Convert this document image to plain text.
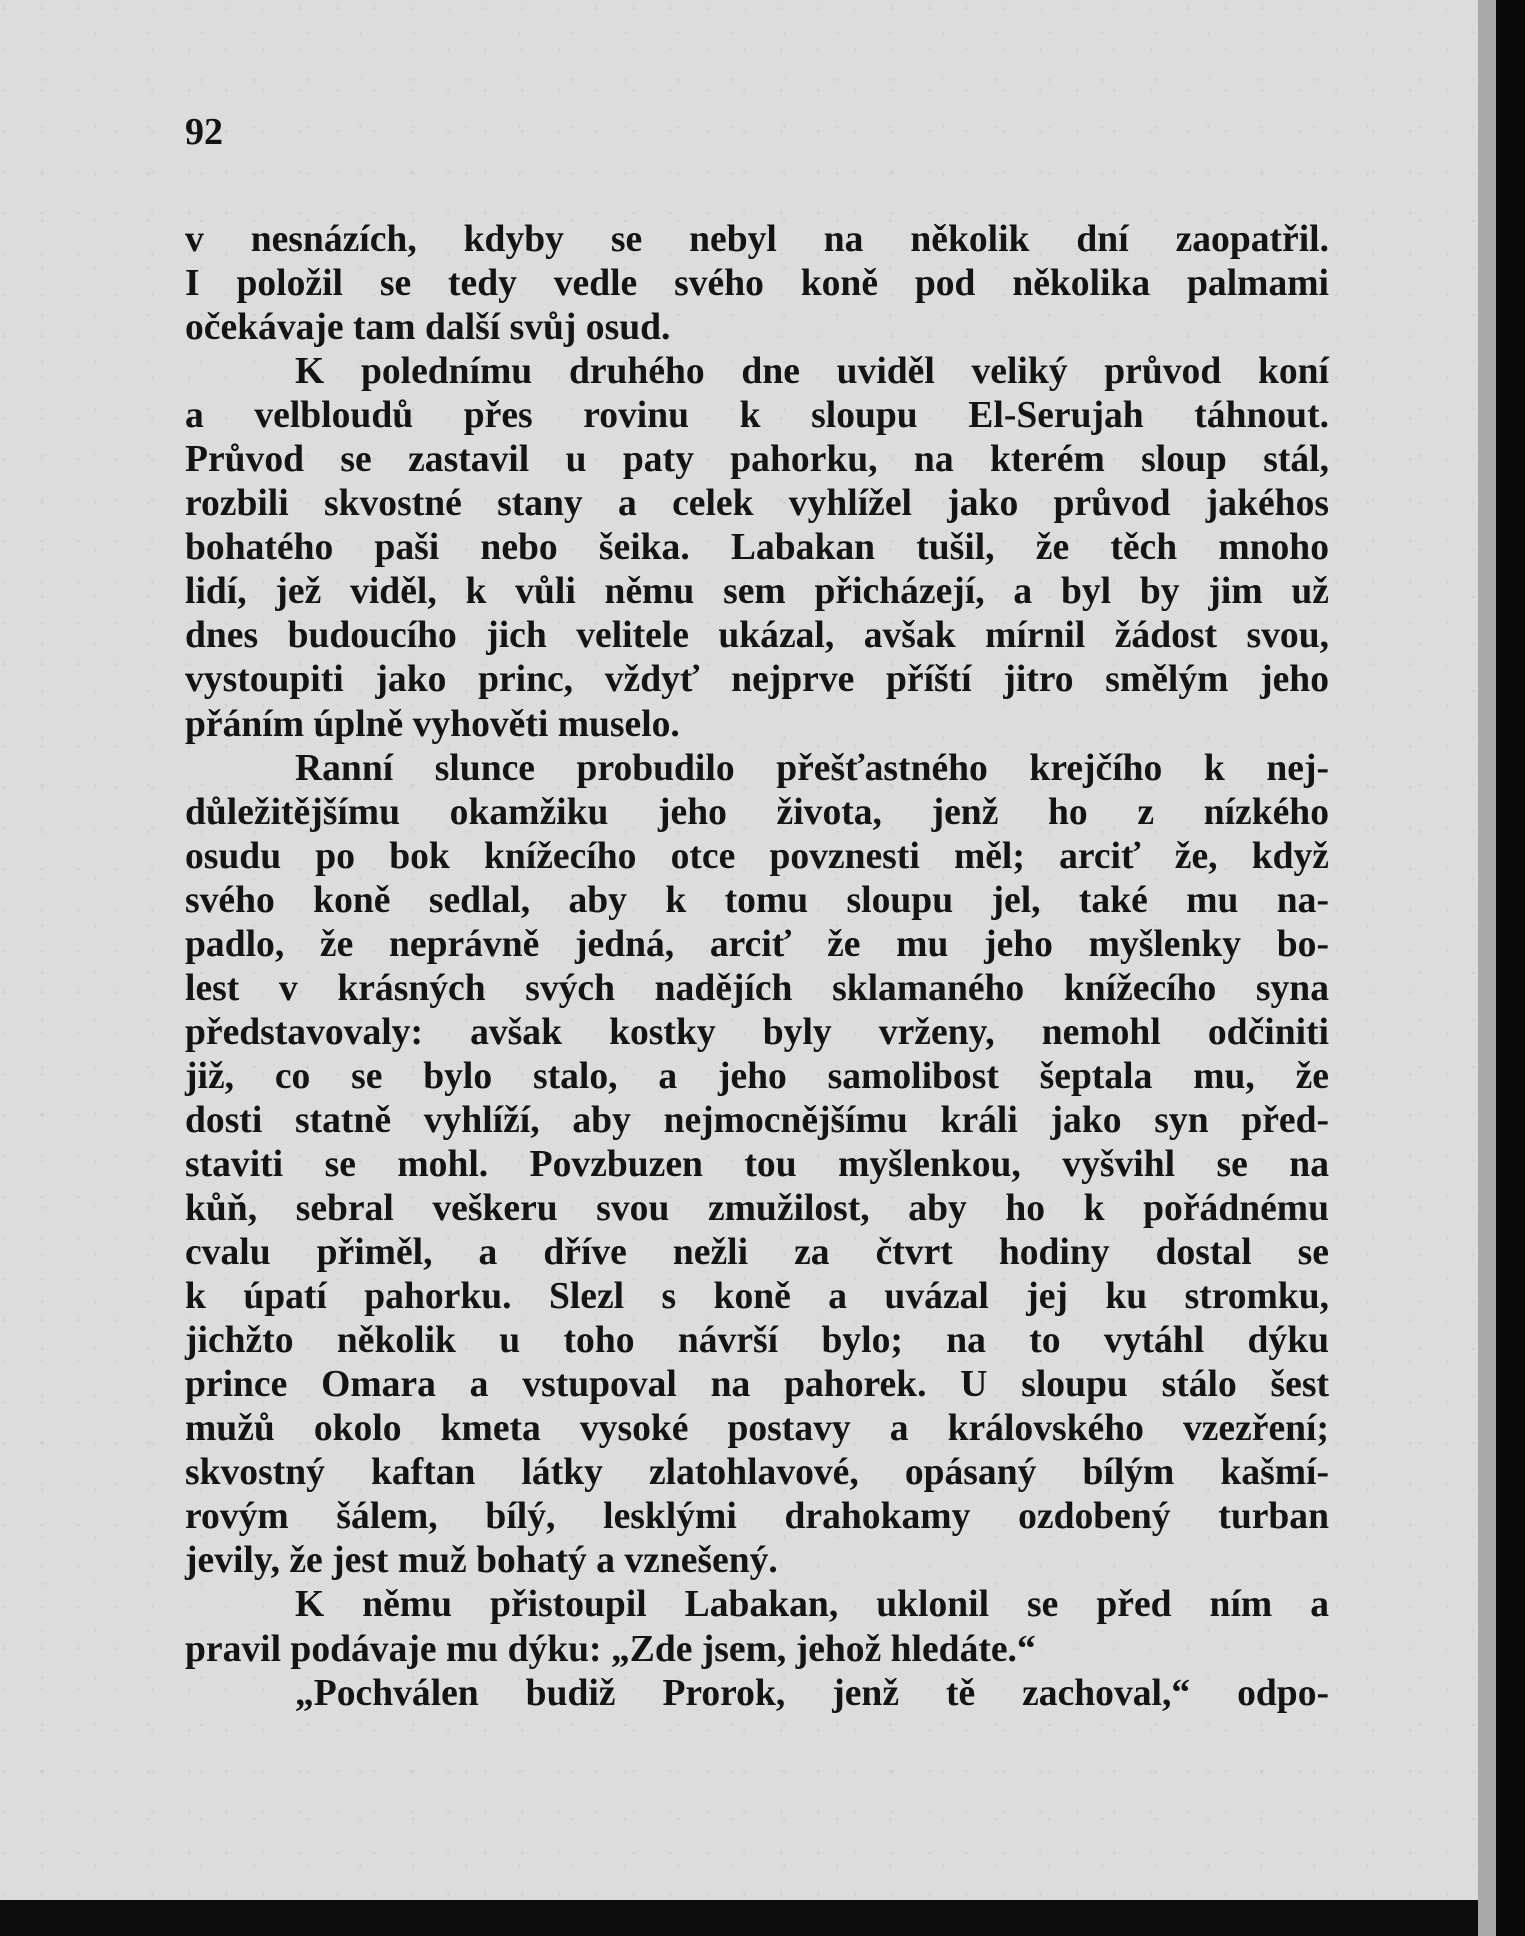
92

v nesnázích, kdyby se nebyl na několik dní zaopatřil.
I položil se tedy vedle svého koně pod několika palmami
očekávaje tam další svůj osud.
K polednímu druhého dne uviděl veliký průvod koní
a velbloudů přes rovinu k sloupu El-Serujah táhnout.
Průvod se zastavil u paty pahorku, na kterém sloup stál,
rozbili skvostné stany a celek vyhlížel jako průvod jakéhos
bohatého paši nebo šeika. Labakan tušil, že těch mnoho
lidí, jež viděl, k vůli němu sem přicházejí, a byl by jim už
dnes budoucího jich velitele ukázal, avšak mírnil žádost svou,
vystoupiti jako princ, vždyť nejprve příští jitro smělým jeho
přáním úplně vyhověti muselo.
Ranní slunce probudilo přešťastného krejčího k nej-
důležitějšímu okamžiku jeho života, jenž ho z nízkého
osudu po bok knížecího otce povznesti měl; arciť že, když
svého koně sedlal, aby k tomu sloupu jel, také mu na-
padlo, že neprávně jedná, arciť že mu jeho myšlenky bo-
lest v krásných svých nadějích sklamaného knížecího syna
představovaly: avšak kostky byly vrženy, nemohl odčiniti
již, co se bylo stalo, a jeho samolibost šeptala mu, že
dosti statně vyhlíží, aby nejmocnějšímu králi jako syn před-
staviti se mohl. Povzbuzen tou myšlenkou, vyšvihl se na
kůň, sebral veškeru svou zmužilost, aby ho k pořádnému
cvalu přiměl, a dříve nežli za čtvrt hodiny dostal se
k úpatí pahorku. Slezl s koně a uvázal jej ku stromku,
jichžto několik u toho návrší bylo; na to vytáhl dýku
prince Omara a vstupoval na pahorek. U sloupu stálo šest
mužů okolo kmeta vysoké postavy a královského vzezření;
skvostný kaftan látky zlatohlavové, opásaný bílým kašmí-
rovým šálem, bílý, lesklými drahokamy ozdobený turban
jevily, že jest muž bohatý a vznešený.
K němu přistoupil Labakan, uklonil se před ním a
pravil podávaje mu dýku: „Zde jsem, jehož hledáte.“
„Pochválen budiž Prorok, jenž tě zachoval,“ odpo-
